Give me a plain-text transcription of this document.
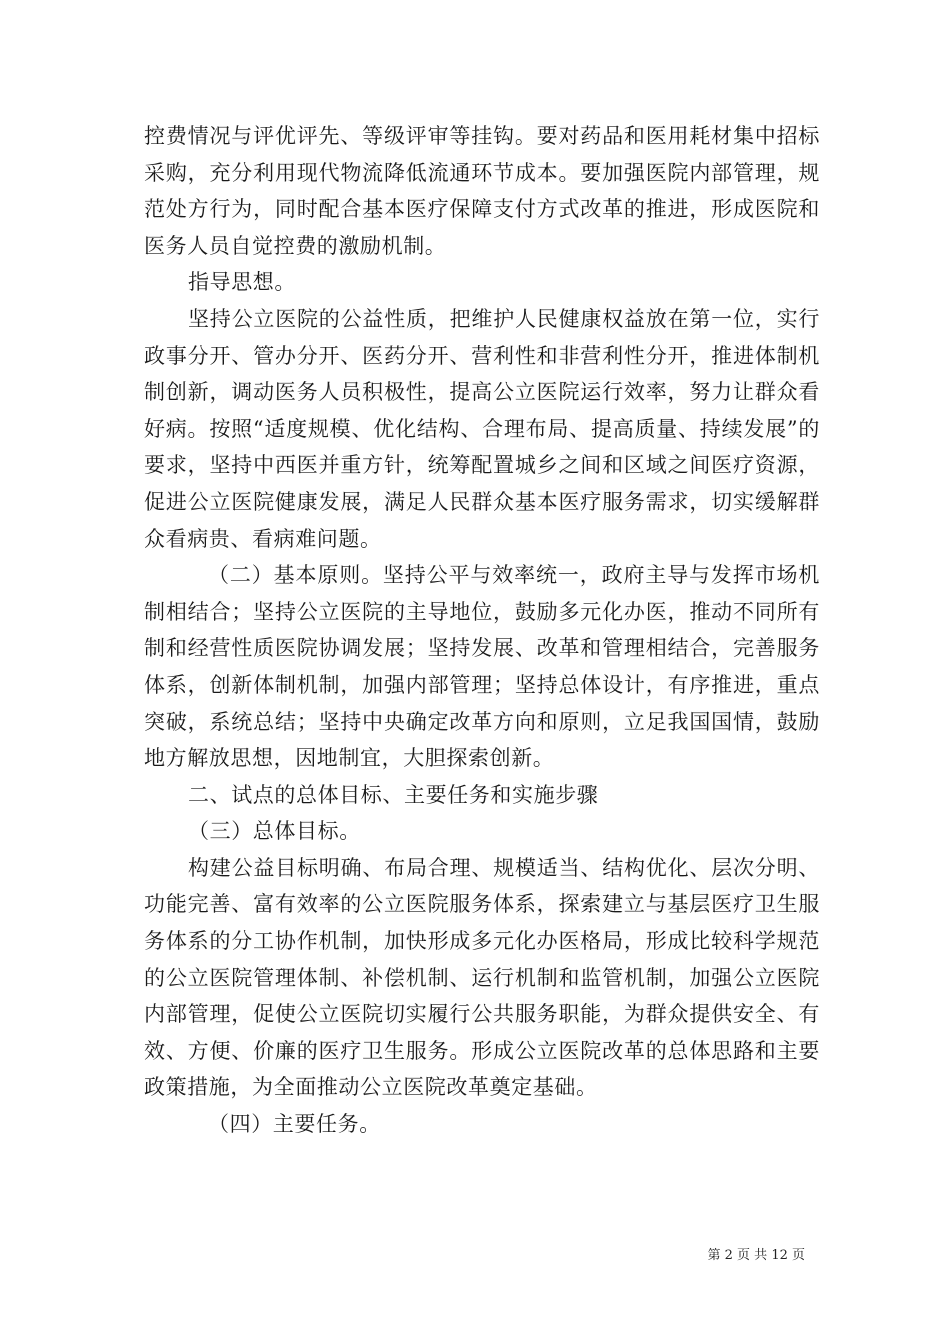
控费情况与评优评先、等级评审等挂钩。要对药品和医用耗材集中招标采购，充分利用现代物流降低流通环节成本。要加强医院内部管理，规范处方行为，同时配合基本医疗保障支付方式改革的推进，形成医院和医务人员自觉控费的激励机制。

指导思想。

坚持公立医院的公益性质，把维护人民健康权益放在第一位，实行政事分开、管办分开、医药分开、营利性和非营利性分开，推进体制机制创新，调动医务人员积极性，提高公立医院运行效率，努力让群众看好病。按照“适度规模、优化结构、合理布局、提高质量、持续发展”的要求，坚持中西医并重方针，统筹配置城乡之间和区域之间医疗资源，促进公立医院健康发展，满足人民群众基本医疗服务需求，切实缓解群众看病贵、看病难问题。

（二）基本原则。坚持公平与效率统一，政府主导与发挥市场机制相结合；坚持公立医院的主导地位，鼓励多元化办医，推动不同所有制和经营性质医院协调发展；坚持发展、改革和管理相结合，完善服务体系，创新体制机制，加强内部管理；坚持总体设计，有序推进，重点突破，系统总结；坚持中央确定改革方向和原则，立足我国国情，鼓励地方解放思想，因地制宜，大胆探索创新。

二、试点的总体目标、主要任务和实施步骤

（三）总体目标。

构建公益目标明确、布局合理、规模适当、结构优化、层次分明、功能完善、富有效率的公立医院服务体系，探索建立与基层医疗卫生服务体系的分工协作机制，加快形成多元化办医格局，形成比较科学规范的公立医院管理体制、补偿机制、运行机制和监管机制，加强公立医院内部管理，促使公立医院切实履行公共服务职能，为群众提供安全、有效、方便、价廉的医疗卫生服务。形成公立医院改革的总体思路和主要政策措施，为全面推动公立医院改革奠定基础。

（四）主要任务。

第 2 页 共 12 页
